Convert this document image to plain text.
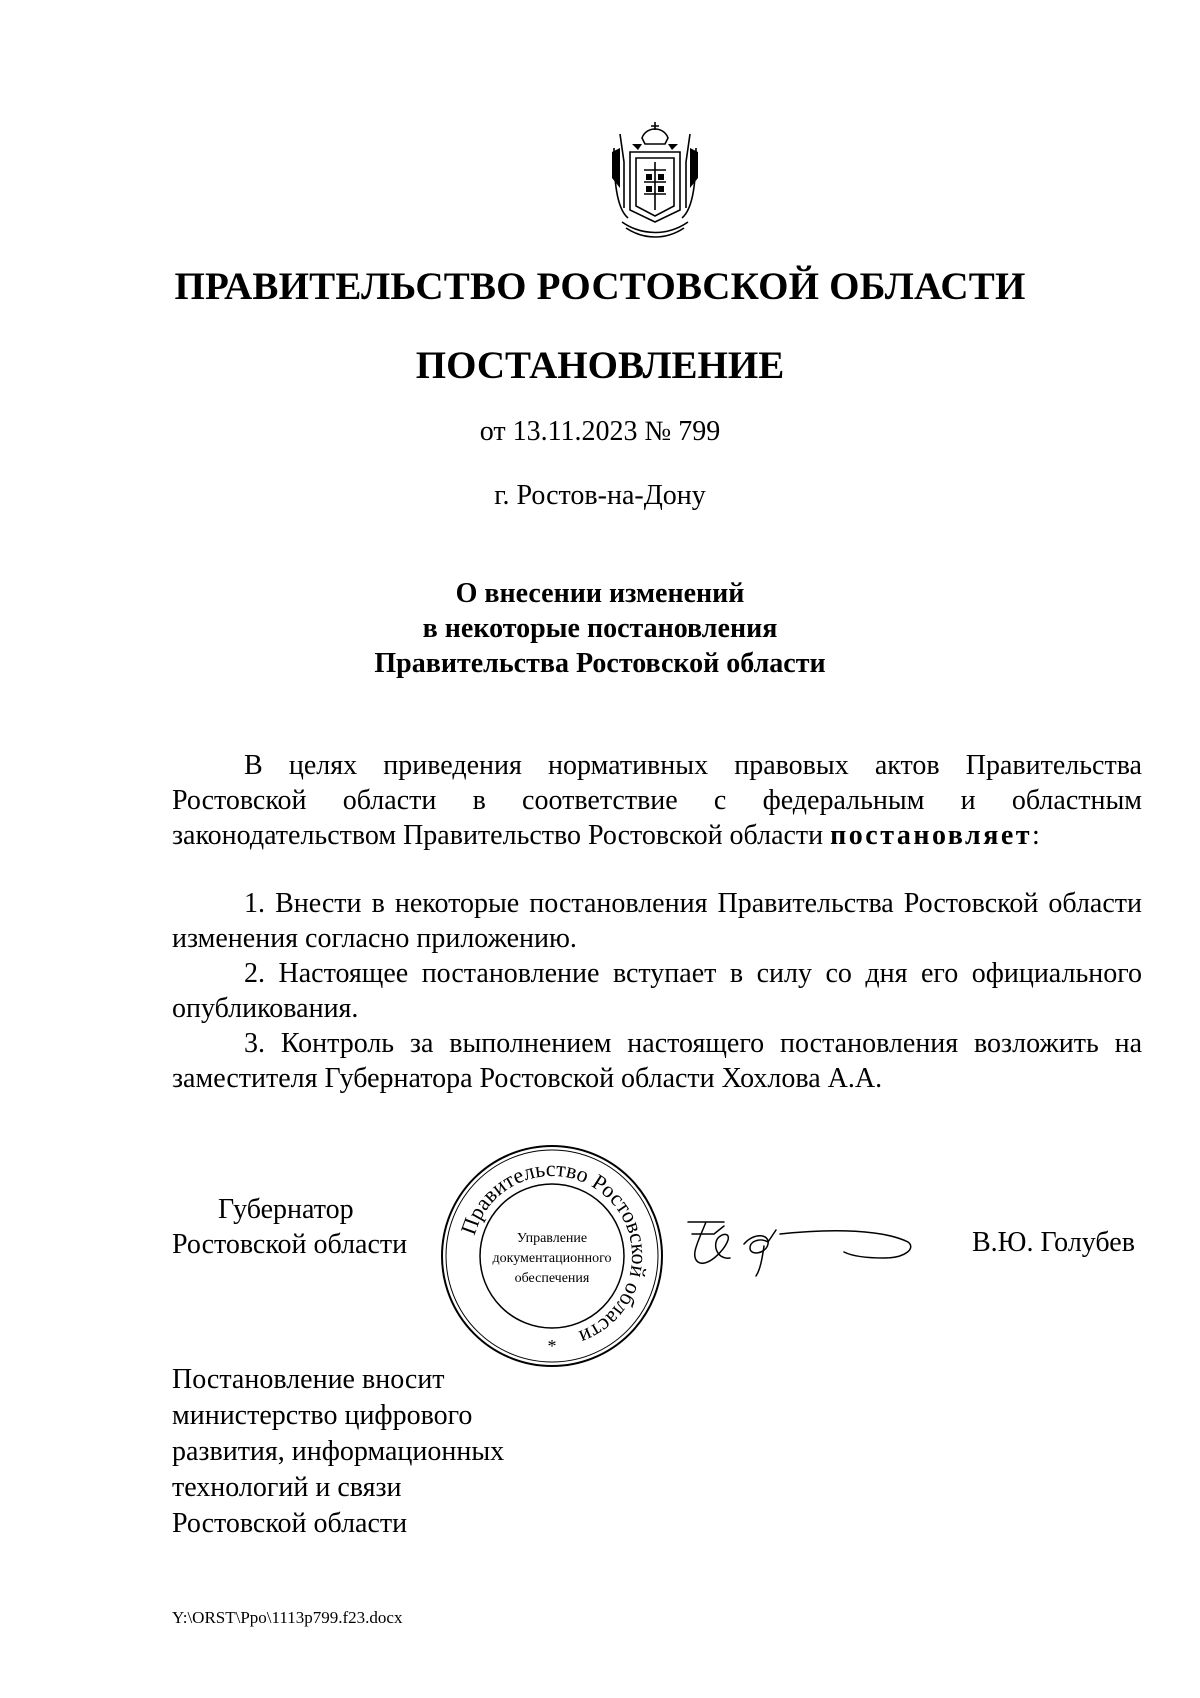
ПРАВИТЕЛЬСТВО РОСТОВСКОЙ ОБЛАСТИ
ПОСТАНОВЛЕНИЕ
от 13.11.2023 № 799
г. Ростов-на-Дону
О внесении изменений
в некоторые постановления
Правительства Ростовской области
В целях приведения нормативных правовых актов Правительства Ростовской области в соответствие с федеральным и областным законодательством Правительство Ростовской области постановляет:
1. Внести в некоторые постановления Правительства Ростовской области изменения согласно приложению.
2. Настоящее постановление вступает в силу со дня его официального опубликования.
3. Контроль за выполнением настоящего постановления возложить на заместителя Губернатора Ростовской области Хохлова А.А.
Губернатор
Ростовской области
Правительство Ростовской области
Управление
документационного
обеспечения
*
В.Ю. Голубев
Постановление вносит
министерство цифрового
развития, информационных
технологий и связи
Ростовской области
Y:\ORST\Ppo\1113p799.f23.docx
